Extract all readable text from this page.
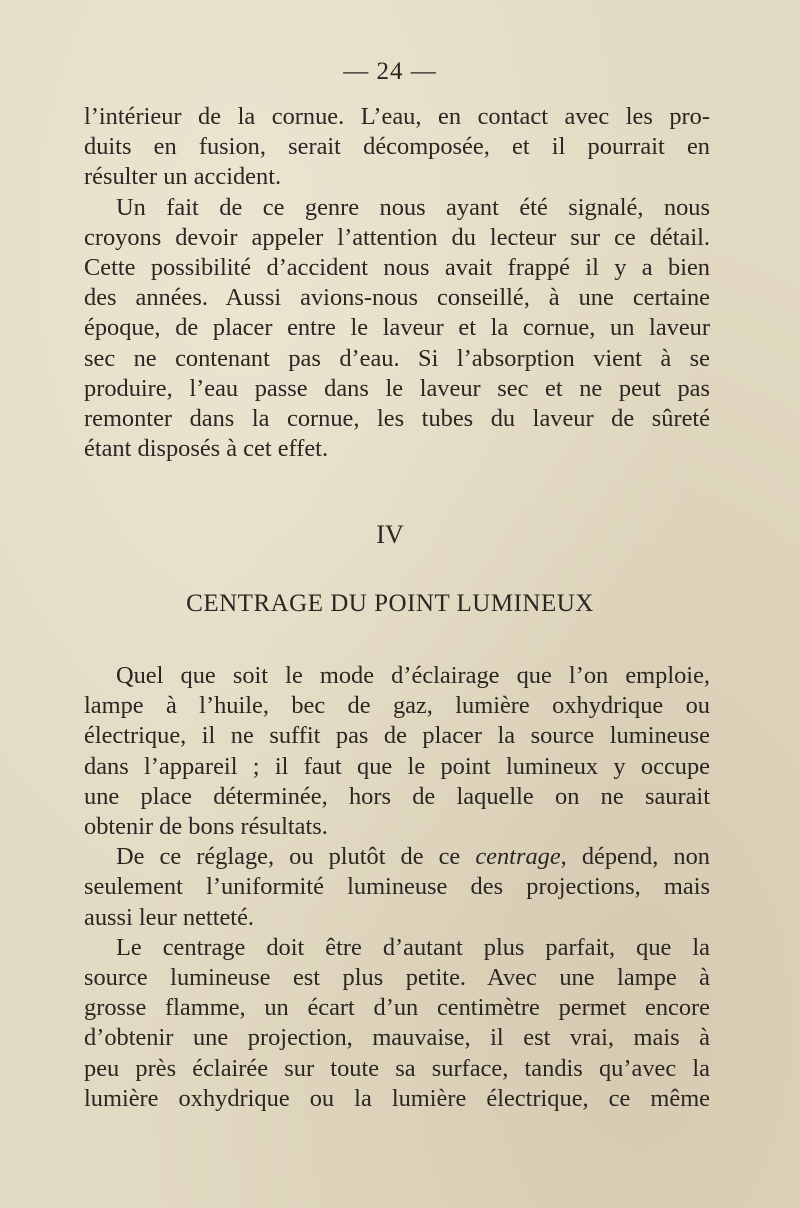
— 24 —

l’intérieur de la cornue. L’eau, en contact avec les pro-

duits en fusion, serait décomposée, et il pourrait en

résulter un accident.

Un fait de ce genre nous ayant été signalé, nous

croyons devoir appeler l’attention du lecteur sur ce détail.

Cette possibilité d’accident nous avait frappé il y a bien

des années. Aussi avions-nous conseillé, à une certaine

époque, de placer entre le laveur et la cornue, un laveur

sec ne contenant pas d’eau. Si l’absorption vient à se

produire, l’eau passe dans le laveur sec et ne peut pas

remonter dans la cornue, les tubes du laveur de sûreté

étant disposés à cet effet.

IV
CENTRAGE DU POINT LUMINEUX

Quel que soit le mode d’éclairage que l’on emploie,

lampe à l’huile, bec de gaz, lumière oxhydrique ou

électrique, il ne suffit pas de placer la source lumineuse

dans l’appareil ; il faut que le point lumineux y occupe

une place déterminée, hors de laquelle on ne saurait

obtenir de bons résultats.

De ce réglage, ou plutôt de ce centrage, dépend, non

seulement l’uniformité lumineuse des projections, mais

aussi leur netteté.

Le centrage doit être d’autant plus parfait, que la

source lumineuse est plus petite. Avec une lampe à

grosse flamme, un écart d’un centimètre permet encore

d’obtenir une projection, mauvaise, il est vrai, mais à

peu près éclairée sur toute sa surface, tandis qu’avec la

lumière oxhydrique ou la lumière électrique, ce même
